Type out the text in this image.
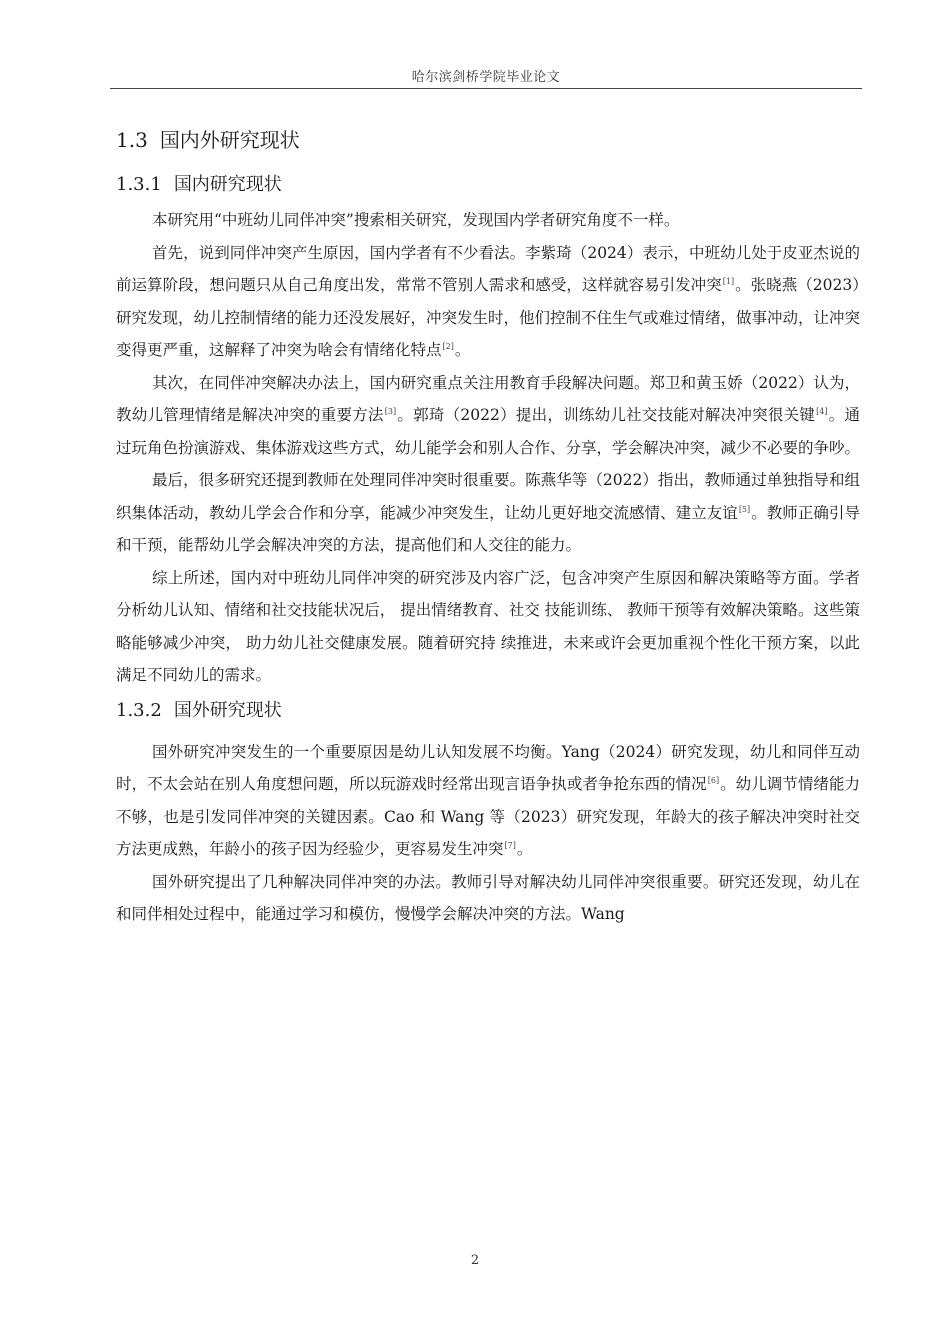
哈尔滨剑桥学院毕业论文
1.3 国内外研究现状
1.3.1 国内研究现状

本研究用“中班幼儿同伴冲突”搜索相关研究，发现国内学者研究角度不一样。

首先，说到同伴冲突产生原因，国内学者有不少看法。李紫琦（2024）表示，中班幼儿处于皮亚杰说的前运算阶段，想问题只从自己角度出发，常常不管别人需求和感受，这样就容易引发冲突[1]。张晓燕（2023）研究发现，幼儿控制情绪的能力还没发展好，冲突发生时，他们控制不住生气或难过情绪，做事冲动，让冲突变得更严重，这解释了冲突为啥会有情绪化特点[2]。

其次，在同伴冲突解决办法上，国内研究重点关注用教育手段解决问题。郑卫和黄玉娇（2022）认为，教幼儿管理情绪是解决冲突的重要方法[3]。郭琦（2022）提出，训练幼儿社交技能对解决冲突很关键[4]。通过玩角色扮演游戏、集体游戏这些方式，幼儿能学会和别人合作、分享，学会解决冲突，减少不必要的争吵。

最后，很多研究还提到教师在处理同伴冲突时很重要。陈燕华等（2022）指出，教师通过单独指导和组织集体活动，教幼儿学会合作和分享，能减少冲突发生，让幼儿更好地交流感情、建立友谊[5]。教师正确引导和干预，能帮幼儿学会解决冲突的方法，提高他们和人交往的能力。

综上所述，国内对中班幼儿同伴冲突的研究涉及内容广泛，包含冲突产生原因和解决策略等方面。学者分析幼儿认知、情绪和社交技能状况后， 提出情绪教育、社交 技能训练、 教师干预等有效解决策略。这些策略能够减少冲突， 助力幼儿社交健康发展。随着研究持 续推进，未来或许会更加重视个性化干预方案，以此满足不同幼儿的需求。

1.3.2 国外研究现状

国外研究冲突发生的一个重要原因是幼儿认知发展不均衡。Yang（2024）研究发现，幼儿和同伴互动时，不太会站在别人角度想问题，所以玩游戏时经常出现言语争执或者争抢东西的情况[6]。幼儿调节情绪能力不够，也是引发同伴冲突的关键因素。Cao 和 Wang 等（2023）研究发现，年龄大的孩子解决冲突时社交方法更成熟，年龄小的孩子因为经验少，更容易发生冲突[7]。

国外研究提出了几种解决同伴冲突的办法。教师引导对解决幼儿同伴冲突很重要。研究还发现，幼儿在和同伴相处过程中，能通过学习和模仿，慢慢学会解决冲突的方法。Wang

2
